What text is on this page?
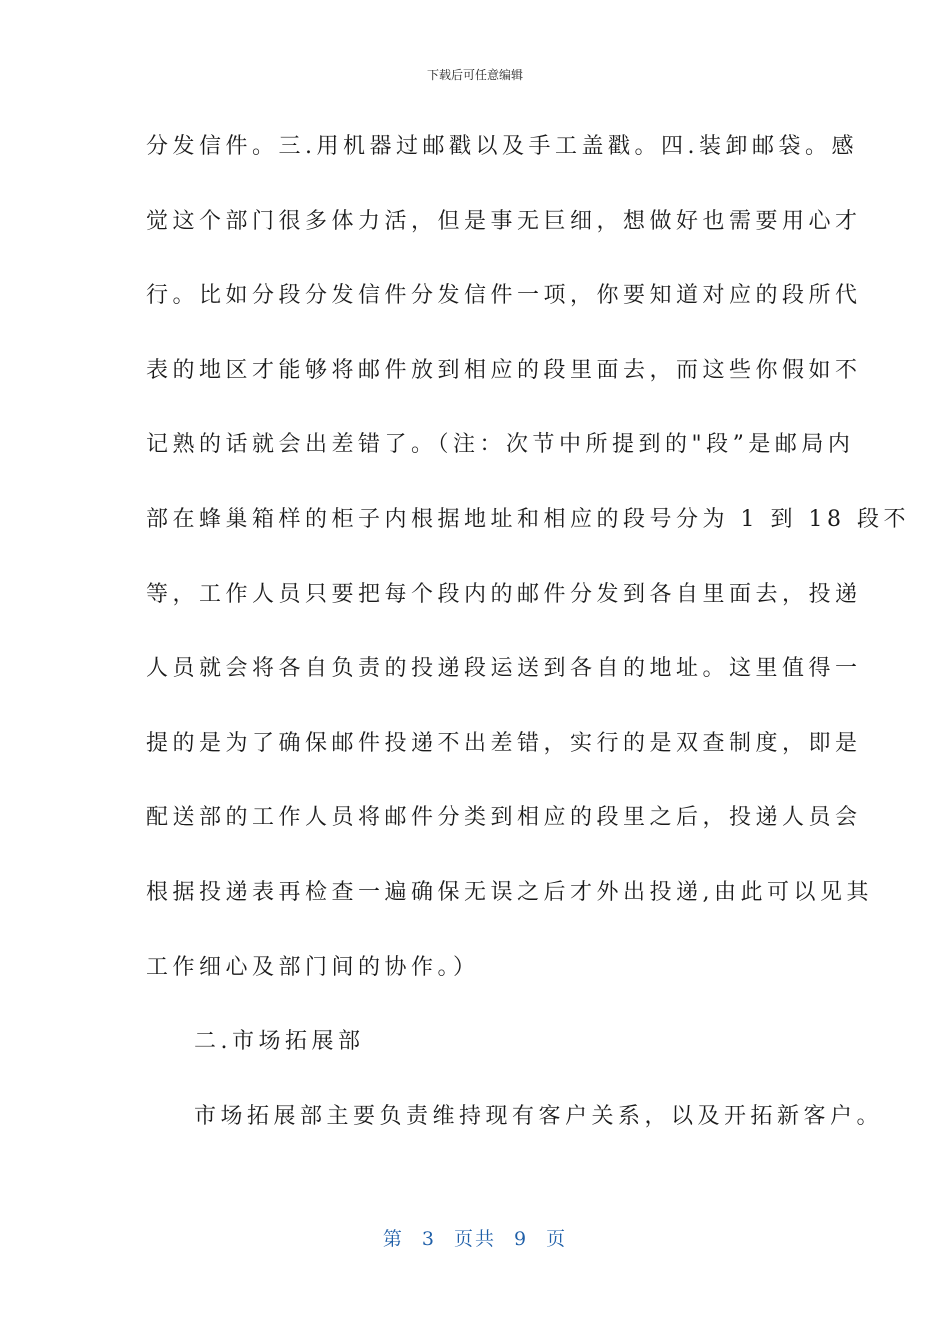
下载后可任意编辑
分发信件。三.用机器过邮戳以及手工盖戳。四.装卸邮袋。感
觉这个部门很多体力活，但是事无巨细，想做好也需要用心才
行。比如分段分发信件分发信件一项，你要知道对应的段所代
表的地区才能够将邮件放到相应的段里面去，而这些你假如不
记熟的话就会出差错了。（注：次节中所提到的"段”是邮局内
部在蜂巢箱样的柜子内根据地址和相应的段号分为 1 到 18 段不
等，工作人员只要把每个段内的邮件分发到各自里面去，投递
人员就会将各自负责的投递段运送到各自的地址。这里值得一
提的是为了确保邮件投递不出差错，实行的是双查制度，即是
配送部的工作人员将邮件分类到相应的段里之后，投递人员会
根据投递表再检查一遍确保无误之后才外出投递,由此可以见其
工作细心及部门间的协作。）
二.市场拓展部
市场拓展部主要负责维持现有客户关系，以及开拓新客户。
第 3 页共 9 页
